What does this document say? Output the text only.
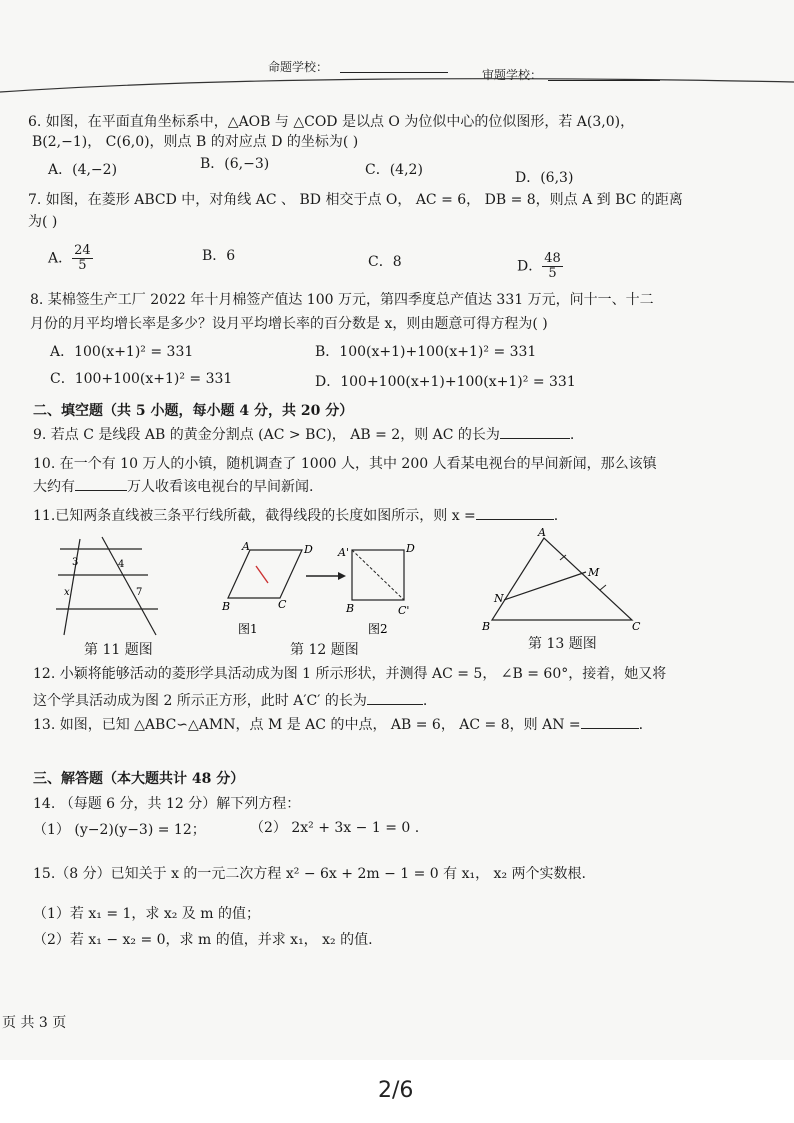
命题学校：
审题学校：
6. 如图，在平面直角坐标系中，△AOB 与 △COD 是以点 O 为位似中心的位似图形，若 A(3,0)，
B(2,−1)， C(6,0)，则点 B 的对应点 D 的坐标为( )
A．(4,−2)	B．(6,−3)	C．(4,2)	D．(6,3)
7. 如图，在菱形 ABCD 中，对角线 AC 、 BD 相交于点 O， AC = 6， DB = 8，则点 A 到 BC 的距离
为( )
A． $\frac{24}{5}$	B．6	C．8	D． $\frac{48}{5}$
8. 某棉签生产工厂 2022 年十月棉签产值达 100 万元，第四季度总产值达 331 万元，问十一、十二
月份的月平均增长率是多少？设月平均增长率的百分数是 x，则由题意可得方程为( )
A．100(x+1)² = 331	B．100(x+1)+100(x+1)² = 331
C．100+100(x+1)² = 331	D．100+100(x+1)+100(x+1)² = 331
二、填空题（共 5 小题，每小题 4 分，共 20 分）
9. 若点 C 是线段 AB 的黄金分割点 (AC > BC)， AB = 2，则 AC 的长为	.
10. 在一个有 10 万人的小镇，随机调查了 1000 人，其中 200 人看某电视台的早间新闻，那么该镇
大约有	万人收看该电视台的早间新闻.
11.已知两条直线被三条平行线所截，截得线段的长度如图所示，则 x =	.
3	4
x	7
第 11 题图
A	D
B	C
A'	D
B	C'
图1	图2
第 12 题图
A
M
N
B	C
第 13 题图
12. 小颖将能够活动的菱形学具活动成为图 1 所示形状，并测得 AC = 5， ∠B = 60°，接着，她又将
这个学具活动成为图 2 所示正方形，此时 A′C′ 的长为	.
13. 如图，已知 △ABC∽△AMN，点 M 是 AC 的中点， AB = 6， AC = 8，则 AN =	.
三、解答题（本大题共计 48 分）
14. （每题 6 分，共 12 分）解下列方程：
（1） (y−2)(y−3) = 12；	（2） 2x² + 3x − 1 = 0 .
15.（8 分）已知关于 x 的一元二次方程 x² − 6x + 2m − 1 = 0 有 x₁， x₂ 两个实数根.
（1）若 x₁ = 1，求 x₂ 及 m 的值；
（2）若 x₁ − x₂ = 0，求 m 的值，并求 x₁， x₂ 的值.
页 共 3 页
2/6
